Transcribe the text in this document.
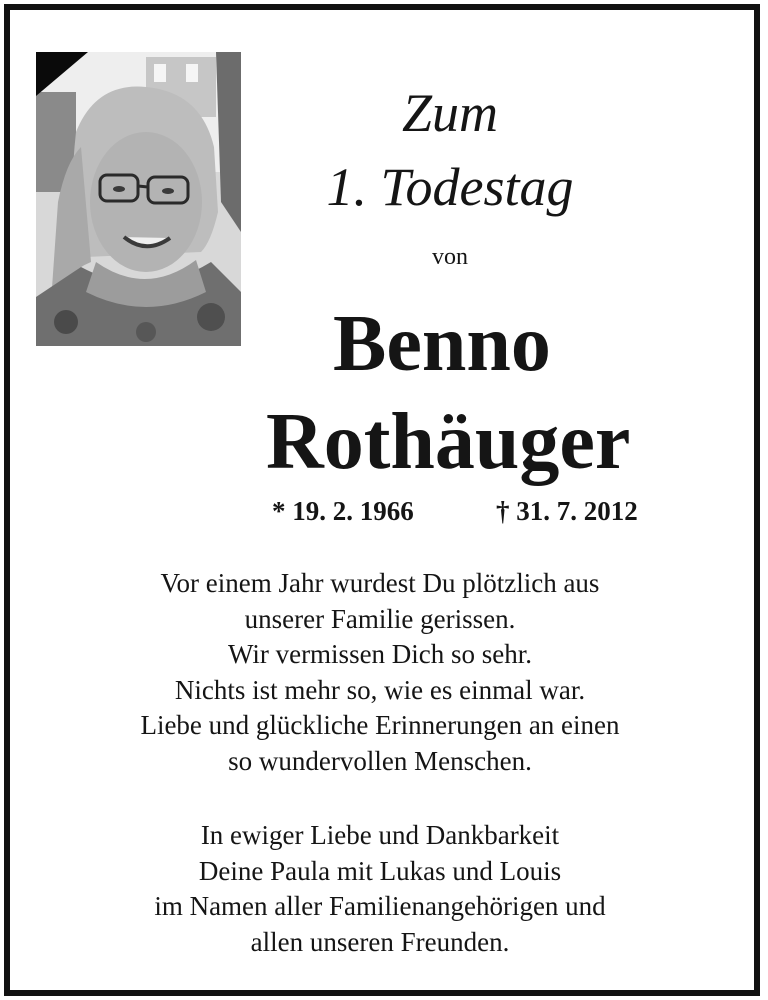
Zum
1. Todestag
von
Benno
Rothäuger
* 19. 2. 1966	† 31. 7. 2012
Vor einem Jahr wurdest Du plötzlich aus
unserer Familie gerissen.
Wir vermissen Dich so sehr.
Nichts ist mehr so, wie es einmal war.
Liebe und glückliche Erinnerungen an einen
so wundervollen Menschen.
In ewiger Liebe und Dankbarkeit
Deine Paula mit Lukas und Louis
im Namen aller Familienangehörigen und
allen unseren Freunden.
